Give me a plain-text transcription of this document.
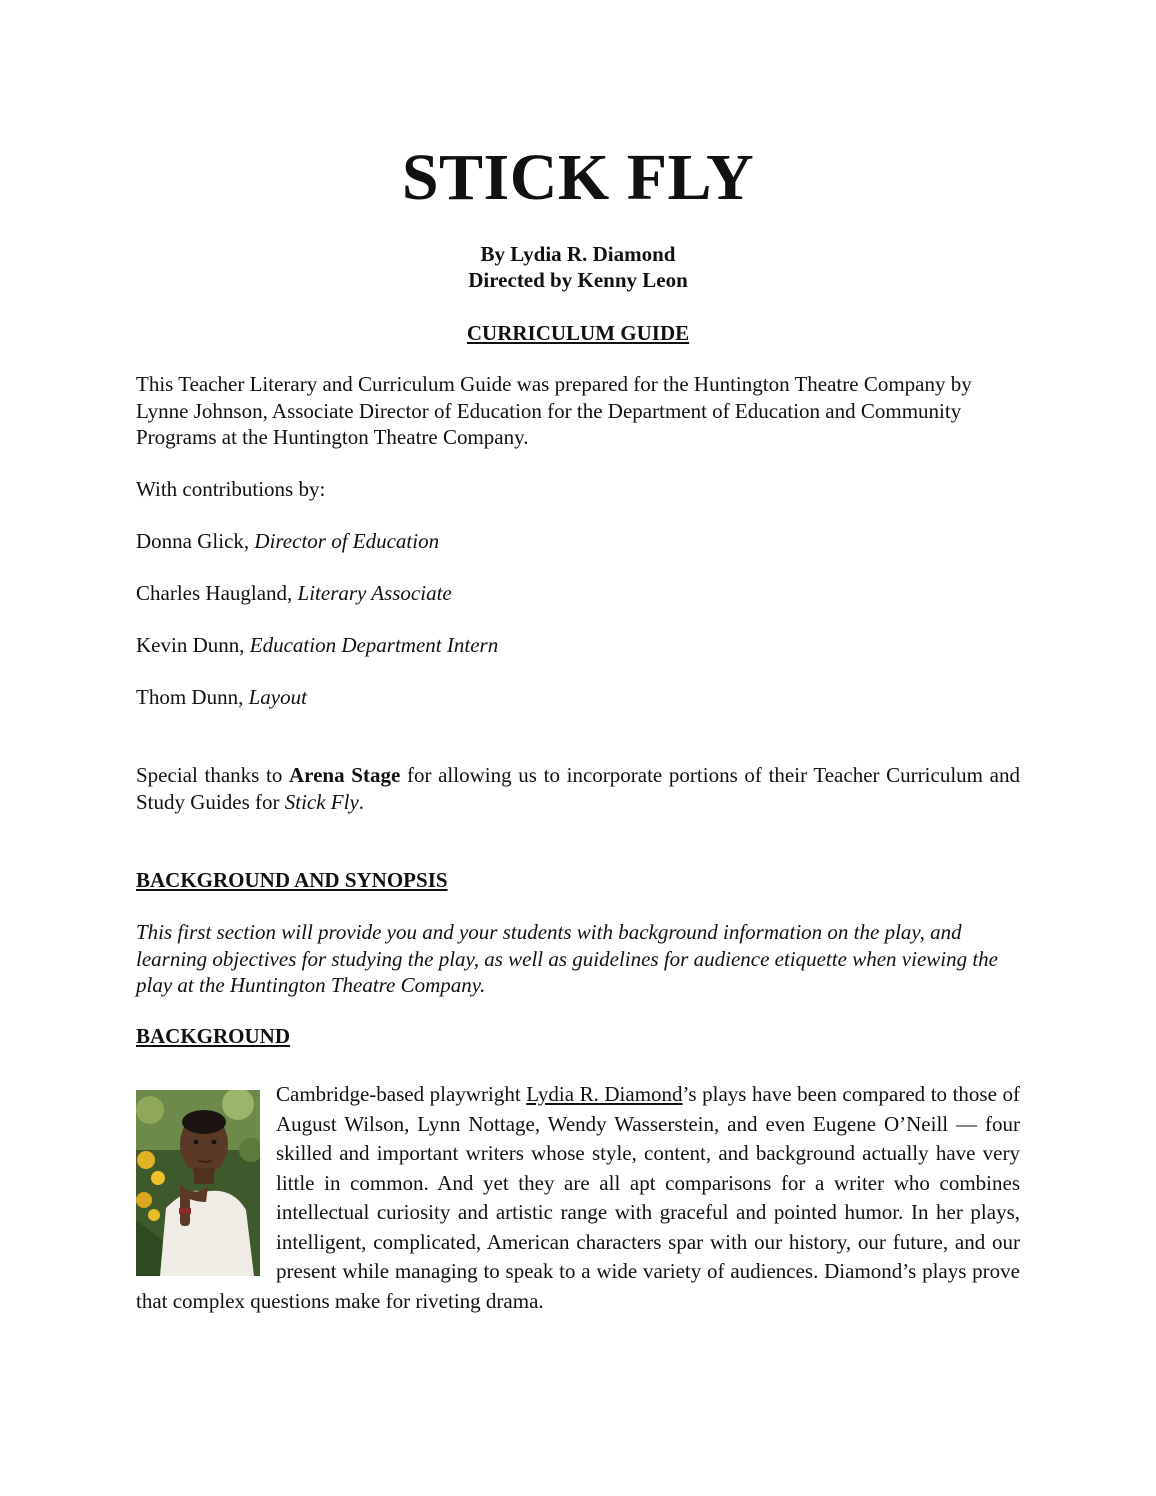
STICK FLY
By Lydia R. Diamond
Directed by Kenny Leon
CURRICULUM GUIDE
This Teacher Literary and Curriculum Guide was prepared for the Huntington Theatre Company by Lynne Johnson, Associate Director of Education for the Department of Education and Community Programs at the Huntington Theatre Company.
With contributions by:
Donna Glick, Director of Education
Charles Haugland, Literary Associate
Kevin Dunn, Education Department Intern
Thom Dunn, Layout
Special thanks to Arena Stage for allowing us to incorporate portions of their Teacher Curriculum and Study Guides for Stick Fly.
BACKGROUND AND SYNOPSIS
This first section will provide you and your students with background information on the play, and learning objectives for studying the play, as well as guidelines for audience etiquette when viewing the play at the Huntington Theatre Company.
BACKGROUND
Cambridge-based playwright Lydia R. Diamond’s plays have been compared to those of August Wilson, Lynn Nottage, Wendy Wasserstein, and even Eugene O’Neill — four skilled and important writers whose style, content, and background actually have very little in common. And yet they are all apt comparisons for a writer who combines intellectual curiosity and artistic range with graceful and pointed humor. In her plays, intelligent, complicated, American characters spar with our history, our future, and our present while managing to speak to a wide variety of audiences. Diamond’s plays prove that complex questions make for riveting drama.
